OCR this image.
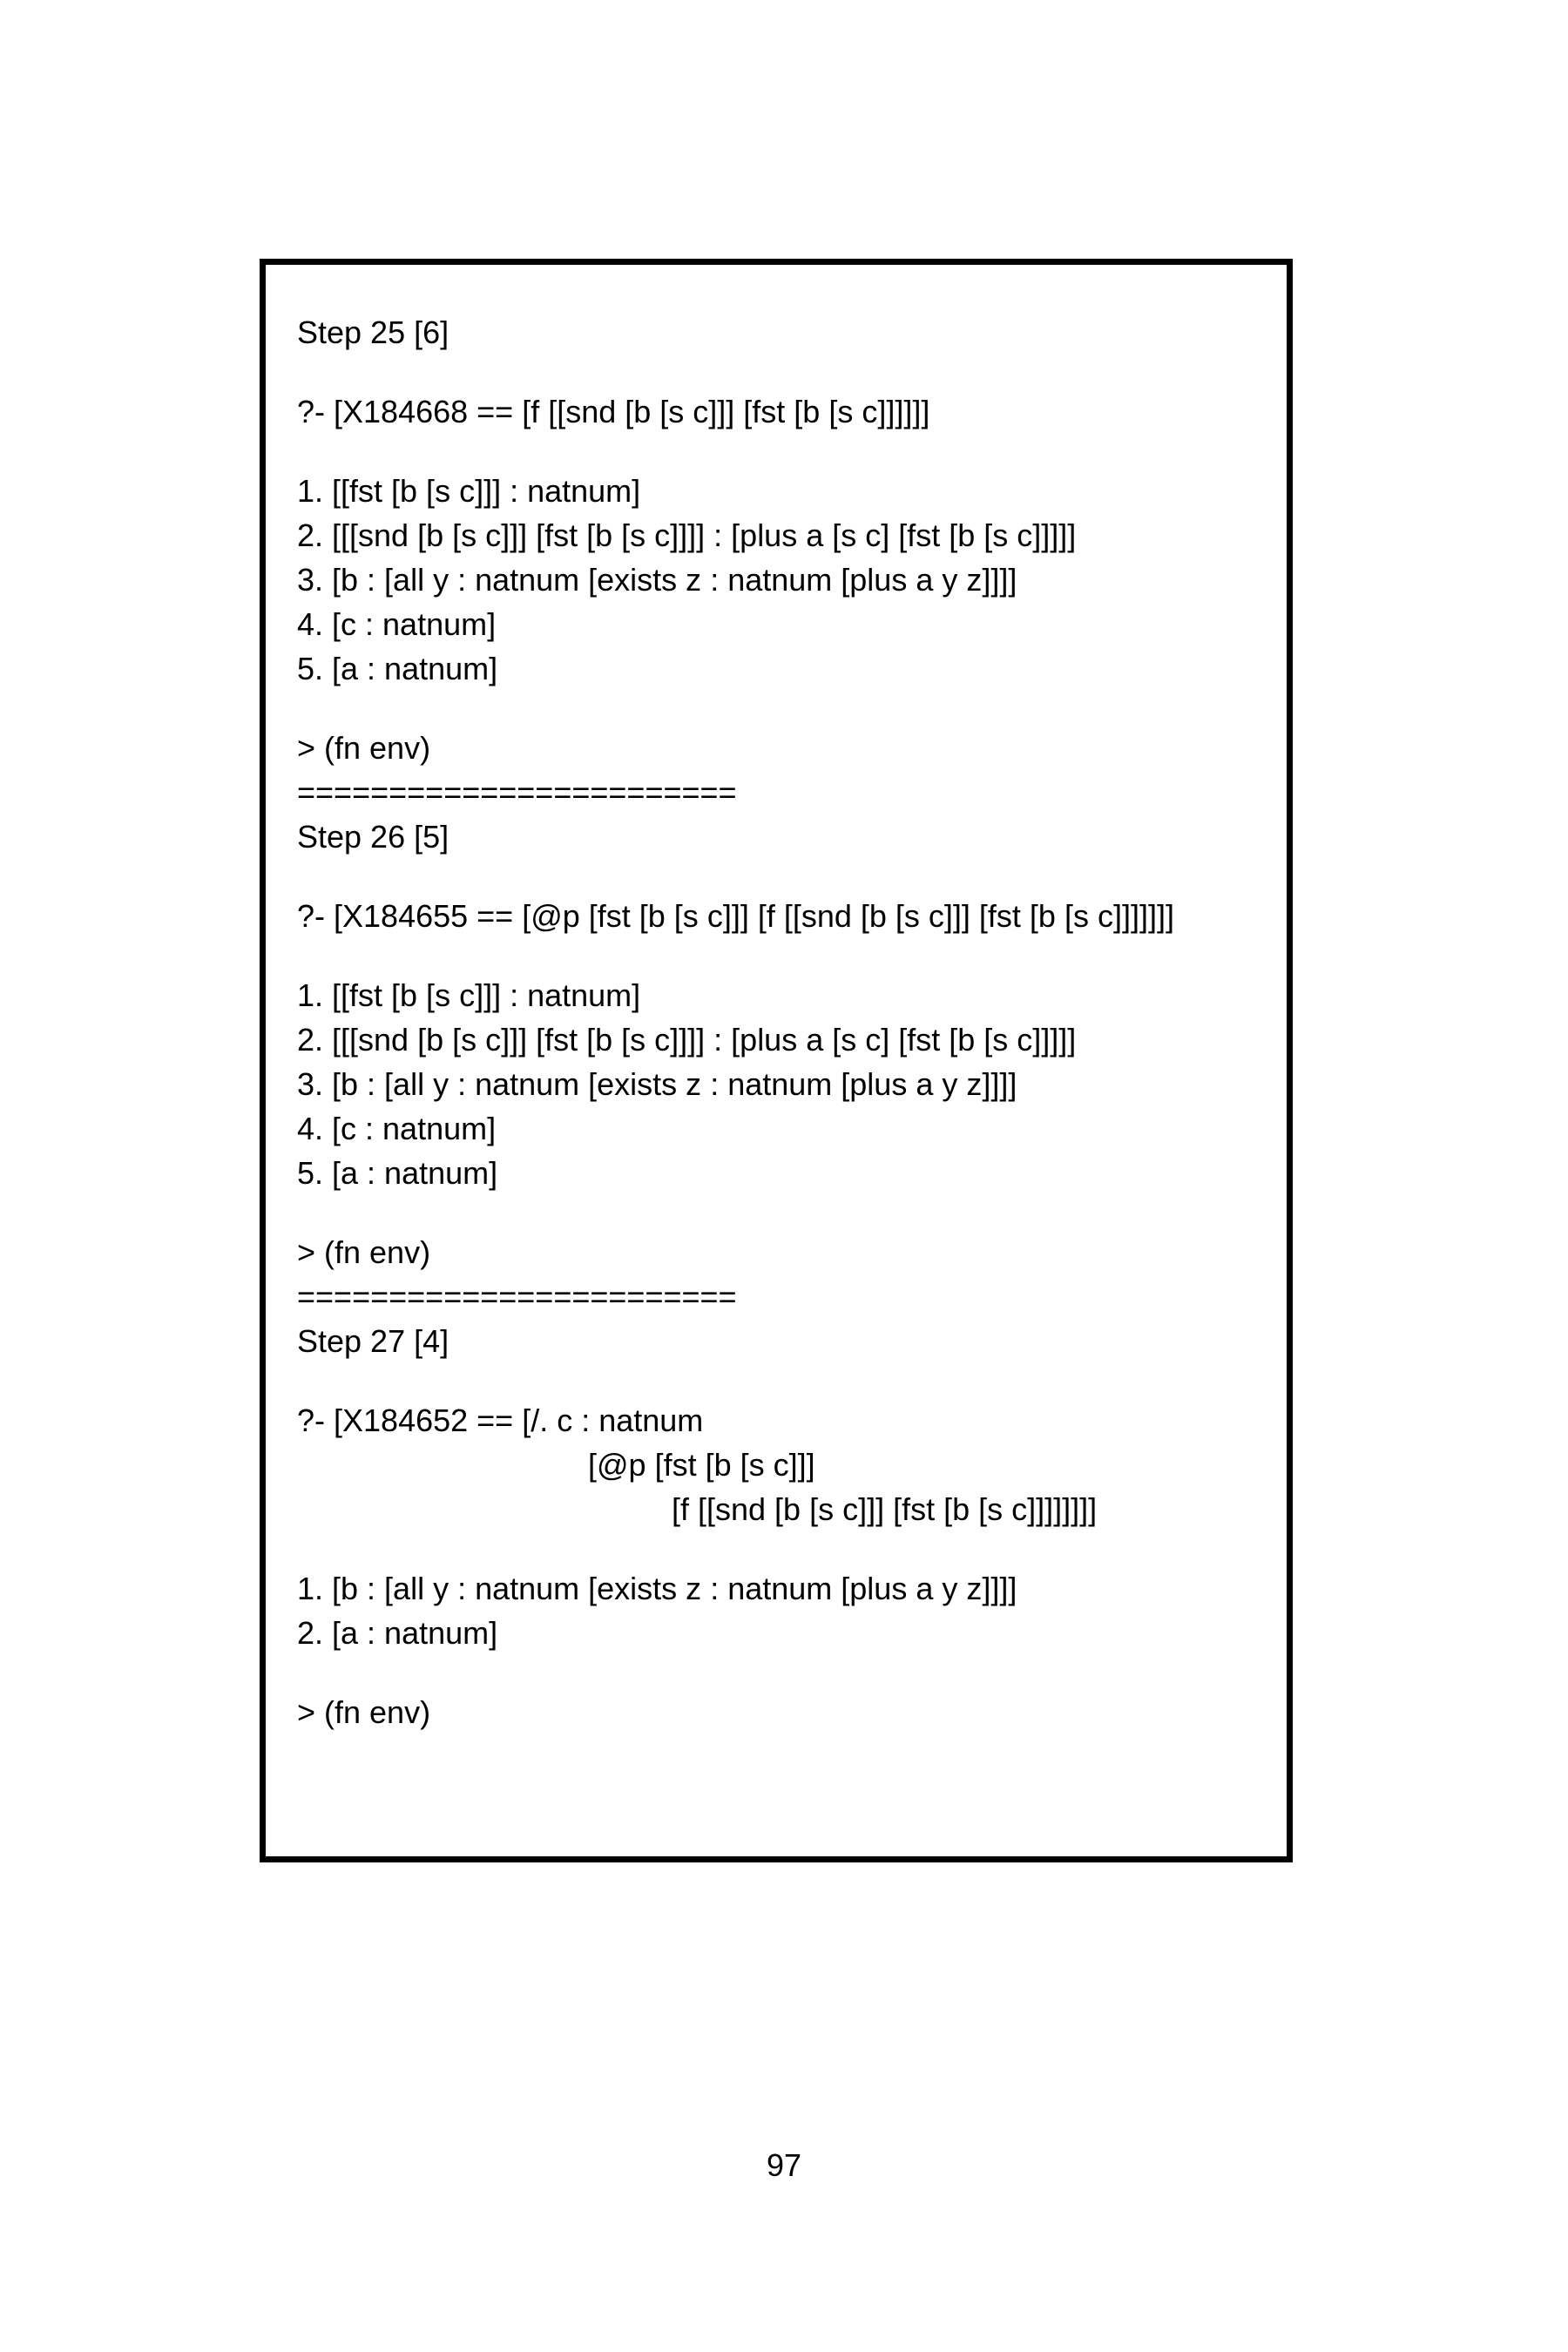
Step 25 [6]
?- [X184668 == [f [[snd [b [s c]]] [fst [b [s c]]]]]]
1. [[fst [b [s c]]] : natnum]
2. [[[snd [b [s c]]] [fst [b [s c]]]] : [plus a [s c] [fst [b [s c]]]]]
3. [b : [all y : natnum [exists z : natnum [plus a y z]]]]
4. [c : natnum]
5. [a : natnum]
> (fn env)
========================
Step 26 [5]
?- [X184655 == [@p [fst [b [s c]]] [f [[snd [b [s c]]] [fst [b [s c]]]]]]]
1. [[fst [b [s c]]] : natnum]
2. [[[snd [b [s c]]] [fst [b [s c]]]] : [plus a [s c] [fst [b [s c]]]]]
3. [b : [all y : natnum [exists z : natnum [plus a y z]]]]
4. [c : natnum]
5. [a : natnum]
> (fn env)
========================
Step 27 [4]
?- [X184652 == [/. c : natnum
[@p [fst [b [s c]]]
[f [[snd [b [s c]]] [fst [b [s c]]]]]]]]
1. [b : [all y : natnum [exists z : natnum [plus a y z]]]]
2. [a : natnum]
> (fn env)
97
